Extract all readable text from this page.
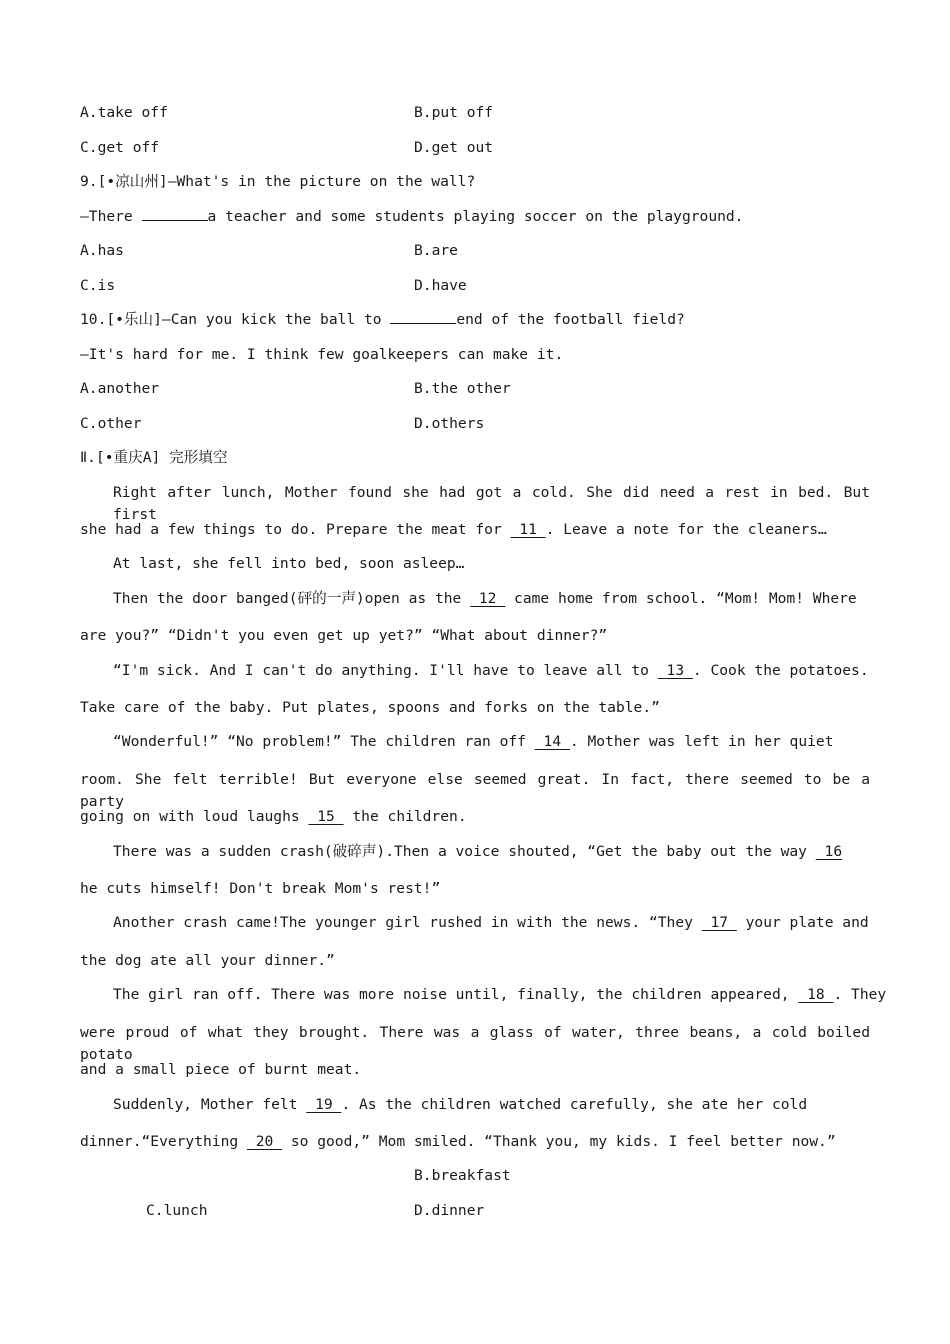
A.take off	B.put off
C.get off	D.get out
9.[•凉山州]—What's in the picture on the wall?
—There	a teacher and some students playing soccer on the playground.
A.has	B.are
C.is	D.have
10.[•乐山]—Can you kick the ball to	end of the football field?
—It's hard for me. I think few goalkeepers can make it.
A.another	B.the other
C.other	D.others
Ⅱ.[•重庆A] 完形填空
Right after lunch, Mother found she had got a cold. She did need a rest in bed. But first
she had a few things to do. Prepare the meat for  11 . Leave a note for the cleaners…
At last, she fell into bed, soon asleep…
Then the door banged(砰的一声)open as the  12  came home from school. “Mom! Mom! Where
are you?” “Didn't you even get up yet?” “What about dinner?”
“I'm sick. And I can't do anything. I'll have to leave all to  13 . Cook the potatoes.
Take care of the baby. Put plates, spoons and forks on the table.”
“Wonderful!” “No problem!” The children ran off  14 . Mother was left in her quiet
room. She felt terrible! But everyone else seemed great. In fact, there seemed to be a party
going on with loud laughs  15  the children.
There was a sudden crash(破碎声).Then a voice shouted, “Get the baby out the way  16
he cuts himself! Don't break Mom's rest!”
Another crash came!The younger girl rushed in with the news. “They  17  your plate and
the dog ate all your dinner.”
The girl ran off. There was more noise until, finally, the children appeared,  18 . They
were proud of what they brought. There was a glass of water, three beans, a cold boiled potato
and a small piece of burnt meat.
Suddenly, Mother felt  19 . As the children watched carefully, she ate her cold
dinner.“Everything  20  so good,” Mom smiled. “Thank you, my kids. I feel better now.”
B.breakfast
C.lunch	D.dinner
